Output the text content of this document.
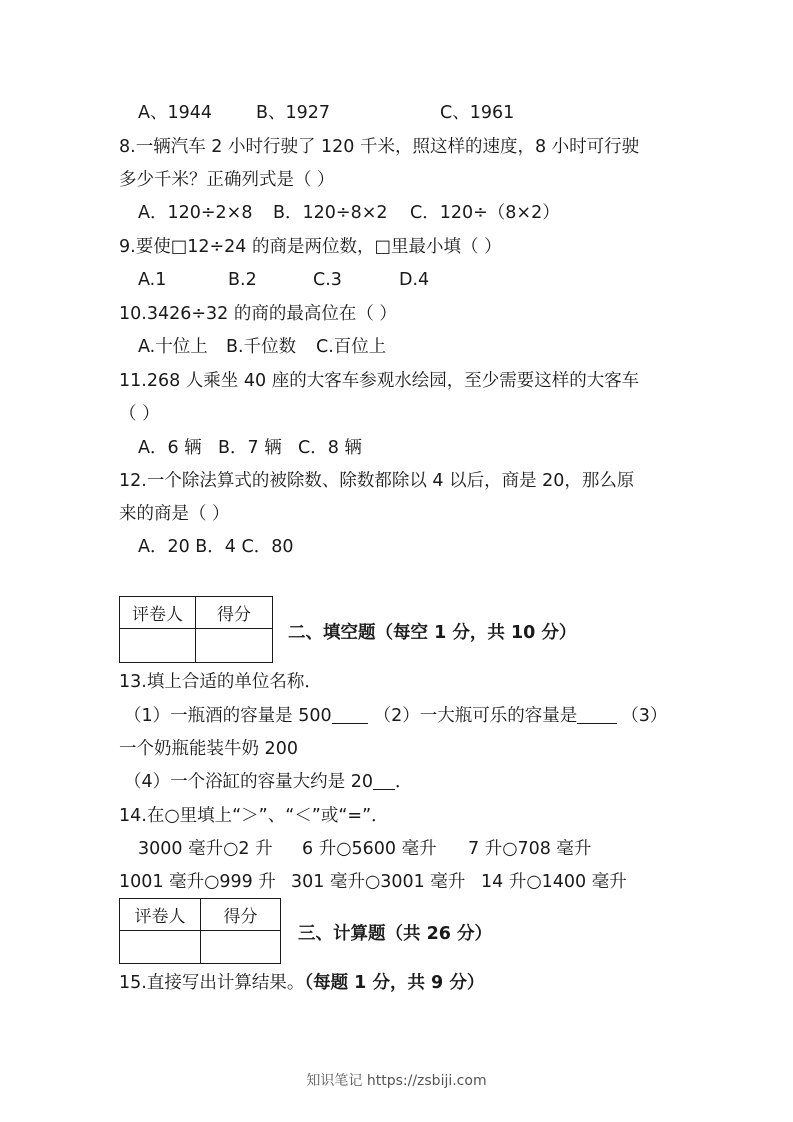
A、1944	B、1927	C、1961
8.一辆汽车 2 小时行驶了 120 千米，照这样的速度，8 小时可行驶
多少千米？正确列式是（ ）
A．120÷2×8 B．120÷8×2 C．120÷（8×2）
9.要使□12÷24 的商是两位数，□里最小填（ ）
A.1	B.2	C.3	D.4
10.3426÷32 的商的最高位在（ ）
A.十位上 B.千位数 C.百位上
11.268 人乘坐 40 座的大客车参观水绘园，至少需要这样的大客车
（ ）
A．6 辆 B．7 辆 C．8 辆
12.一个除法算式的被除数、除数都除以 4 以后，商是 20，那么原
来的商是（ ）
A．20 B．4 C．80
评卷人	得分

二、填空题（每空 1 分，共 10 分）
13.填上合适的单位名称．
（1）一瓶酒的容量是 500 （2）一大瓶可乐的容量是	（3）
一个奶瓶能装牛奶 200
（4）一个浴缸的容量大约是 20 ．
14.在○里填上“＞”、“＜”或“=”．
3000 毫升○2 升 6 升○5600 毫升 7 升○708 毫升
1001 毫升○999 升 301 毫升○3001 毫升 14 升○1400 毫升
评卷人	得分

三、计算题（共 26 分）
15.直接写出计算结果。（每题 1 分，共 9 分）
知识笔记 https://zsbiji.com
